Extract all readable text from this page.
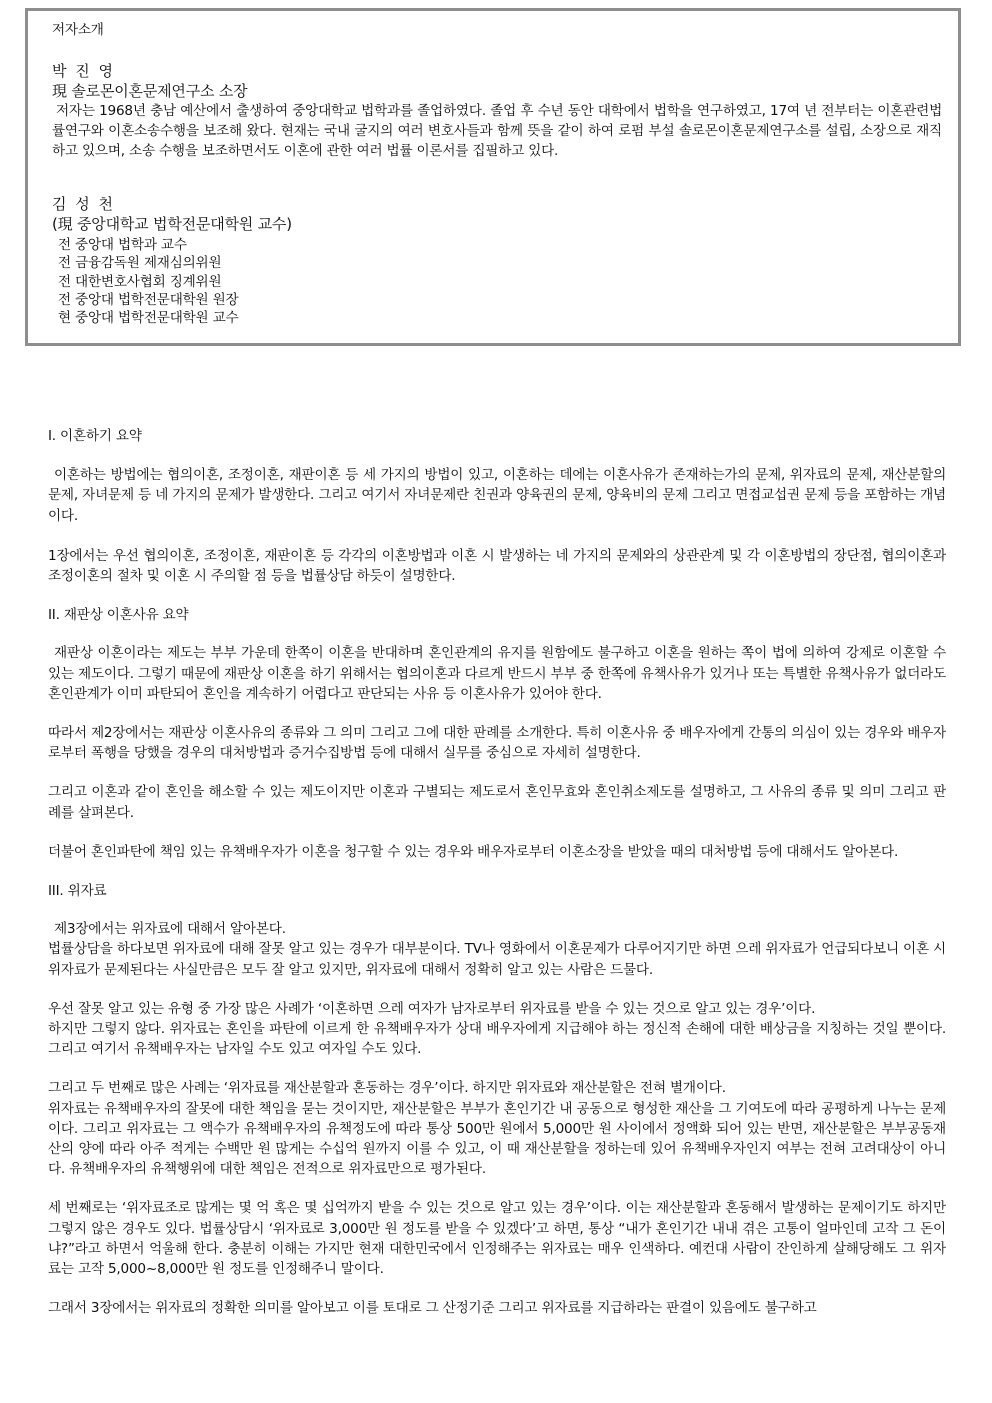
저자소개
박 진 영
現 솔로몬이혼문제연구소 소장
저자는 1968년 충남 예산에서 출생하여 중앙대학교 법학과를 졸업하였다. 졸업 후 수년 동안 대학에서 법학을 연구하였고, 17여 년 전부터는 이혼관련법률연구와 이혼소송수행을 보조해 왔다. 현재는 국내 굴지의 여러 변호사들과 함께 뜻을 같이 하여 로펌 부설 솔로몬이혼문제연구소를 설립, 소장으로 재직하고 있으며, 소송 수행을 보조하면서도 이혼에 관한 여러 법률 이론서를 집필하고 있다.
김 성 천
(現 중앙대학교 법학전문대학원 교수)
전 중앙대 법학과 교수
전 금융감독원 제재심의위원
전 대한변호사협회 징계위원
전 중앙대 법학전문대학원 원장
현 중앙대 법학전문대학원 교수

I. 이혼하기 요약

이혼하는 방법에는 협의이혼, 조정이혼, 재판이혼 등 세 가지의 방법이 있고, 이혼하는 데에는 이혼사유가 존재하는가의 문제, 위자료의 문제, 재산분할의 문제, 자녀문제 등 네 가지의 문제가 발생한다. 그리고 여기서 자녀문제란 친권과 양육권의 문제, 양육비의 문제 그리고 면접교섭권 문제 등을 포함하는 개념이다.

1장에서는 우선 협의이혼, 조정이혼, 재판이혼 등 각각의 이혼방법과 이혼 시 발생하는 네 가지의 문제와의 상관관계 및 각 이혼방법의 장단점, 협의이혼과 조정이혼의 절차 및 이혼 시 주의할 점 등을 법률상담 하듯이 설명한다.

II. 재판상 이혼사유 요약

재판상 이혼이라는 제도는 부부 가운데 한쪽이 이혼을 반대하며 혼인관계의 유지를 원함에도 불구하고 이혼을 원하는 쪽이 법에 의하여 강제로 이혼할 수 있는 제도이다. 그렇기 때문에 재판상 이혼을 하기 위해서는 협의이혼과 다르게 반드시 부부 중 한쪽에 유책사유가 있거나 또는 특별한 유책사유가 없더라도 혼인관계가 이미 파탄되어 혼인을 계속하기 어렵다고 판단되는 사유 등 이혼사유가 있어야 한다.

따라서 제2장에서는 재판상 이혼사유의 종류와 그 의미 그리고 그에 대한 판례를 소개한다. 특히 이혼사유 중 배우자에게 간통의 의심이 있는 경우와 배우자로부터 폭행을 당했을 경우의 대처방법과 증거수집방법 등에 대해서 실무를 중심으로 자세히 설명한다.

그리고 이혼과 같이 혼인을 해소할 수 있는 제도이지만 이혼과 구별되는 제도로서 혼인무효와 혼인취소제도를 설명하고, 그 사유의 종류 및 의미 그리고 판례를 살펴본다.

더불어 혼인파탄에 책임 있는 유책배우자가 이혼을 청구할 수 있는 경우와 배우자로부터 이혼소장을 받았을 때의 대처방법 등에 대해서도 알아본다.

III. 위자료

제3장에서는 위자료에 대해서 알아본다.

법률상담을 하다보면 위자료에 대해 잘못 알고 있는 경우가 대부분이다. TV나 영화에서 이혼문제가 다루어지기만 하면 으레 위자료가 언급되다보니 이혼 시 위자료가 문제된다는 사실만큼은 모두 잘 알고 있지만, 위자료에 대해서 정확히 알고 있는 사람은 드물다.

우선 잘못 알고 있는 유형 중 가장 많은 사례가 ‘이혼하면 으레 여자가 남자로부터 위자료를 받을 수 있는 것으로 알고 있는 경우’이다.

하지만 그렇지 않다. 위자료는 혼인을 파탄에 이르게 한 유책배우자가 상대 배우자에게 지급해야 하는 정신적 손해에 대한 배상금을 지칭하는 것일 뿐이다. 그리고 여기서 유책배우자는 남자일 수도 있고 여자일 수도 있다.

그리고 두 번째로 많은 사례는 ‘위자료를 재산분할과 혼동하는 경우’이다. 하지만 위자료와 재산분할은 전혀 별개이다.

위자료는 유책배우자의 잘못에 대한 책임을 묻는 것이지만, 재산분할은 부부가 혼인기간 내 공동으로 형성한 재산을 그 기여도에 따라 공평하게 나누는 문제이다. 그리고 위자료는 그 액수가 유책배우자의 유책정도에 따라 통상 500만 원에서 5,000만 원 사이에서 정액화 되어 있는 반면, 재산분할은 부부공동재산의 양에 따라 아주 적게는 수백만 원 많게는 수십억 원까지 이를 수 있고, 이 때 재산분할을 정하는데 있어 유책배우자인지 여부는 전혀 고려대상이 아니다. 유책배우자의 유책행위에 대한 책임은 전적으로 위자료만으로 평가된다.

세 번째로는 ‘위자료조로 많게는 몇 억 혹은 몇 십억까지 받을 수 있는 것으로 알고 있는 경우’이다. 이는 재산분할과 혼동해서 발생하는 문제이기도 하지만 그렇지 않은 경우도 있다. 법률상담시 ‘위자료로 3,000만 원 정도를 받을 수 있겠다’고 하면, 통상 “내가 혼인기간 내내 겪은 고통이 얼마인데 고작 그 돈이냐?”라고 하면서 억울해 한다. 충분히 이해는 가지만 현재 대한민국에서 인정해주는 위자료는 매우 인색하다. 예컨대 사람이 잔인하게 살해당해도 그 위자료는 고작 5,000~8,000만 원 정도를 인정해주니 말이다.

그래서 3장에서는 위자료의 정확한 의미를 알아보고 이를 토대로 그 산정기준 그리고 위자료를 지급하라는 판결이 있음에도 불구하고
